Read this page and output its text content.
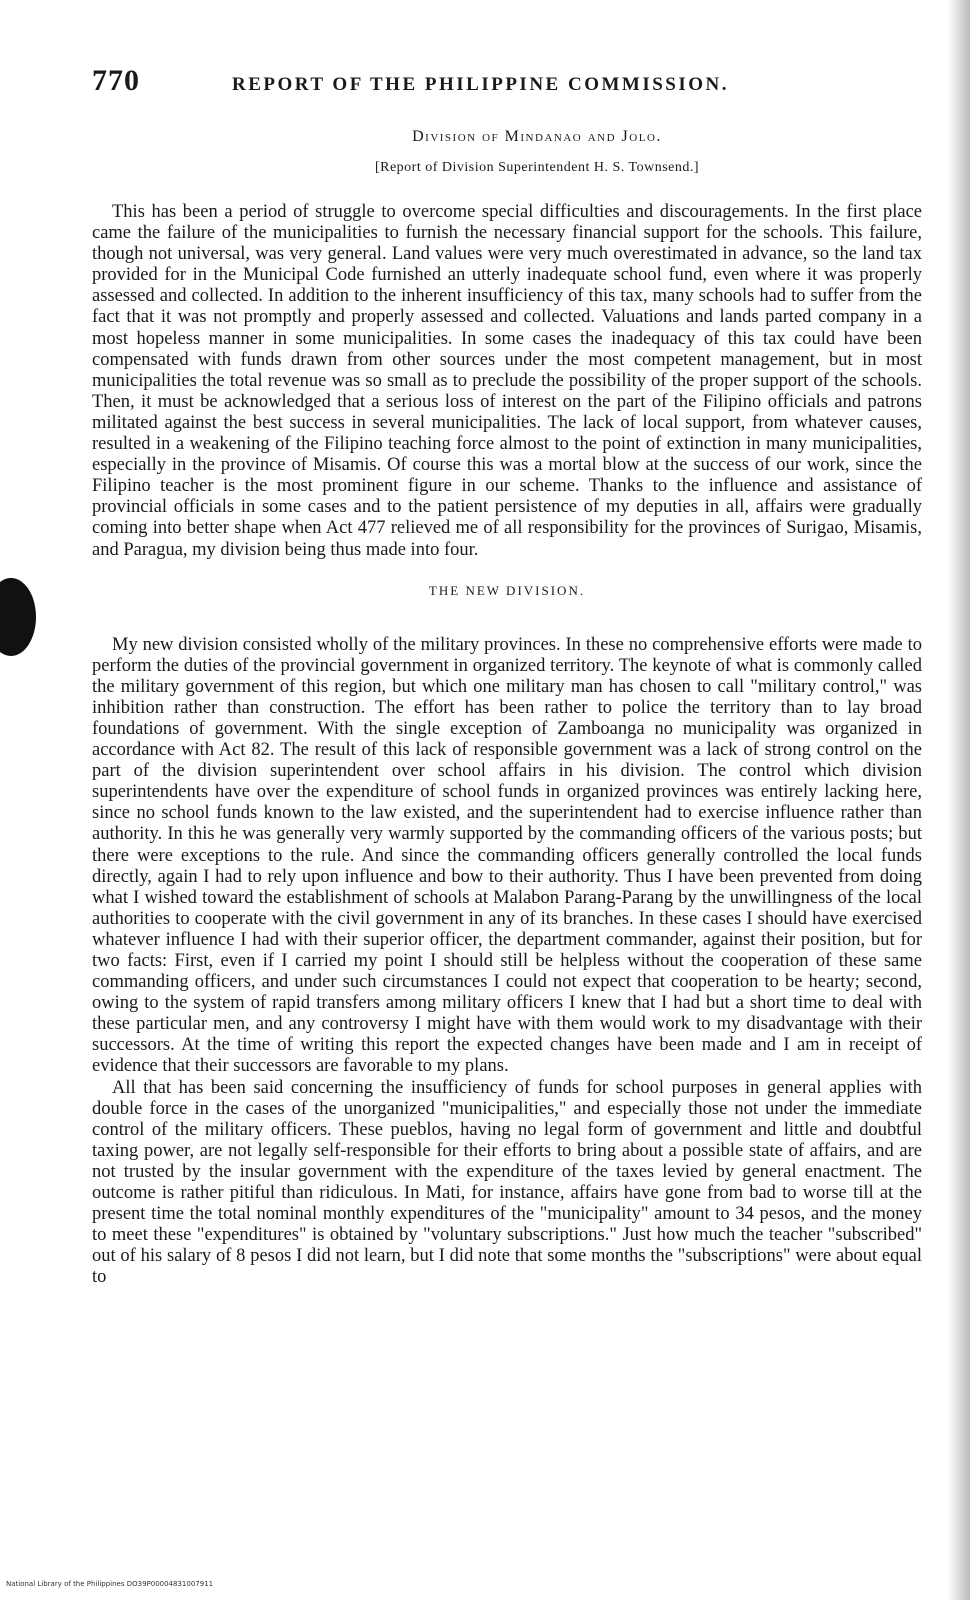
770	REPORT OF THE PHILIPPINE COMMISSION.
Division of Mindanao and Jolo.
[Report of Division Superintendent H. S. Townsend.]

This has been a period of struggle to overcome special difficulties and discouragements. In the first place came the failure of the municipalities to furnish the necessary financial support for the schools. This failure, though not universal, was very general. Land values were very much overestimated in advance, so the land tax provided for in the Municipal Code furnished an utterly inadequate school fund, even where it was properly assessed and collected. In addition to the inherent insufficiency of this tax, many schools had to suffer from the fact that it was not promptly and properly assessed and collected. Valuations and lands parted company in a most hopeless manner in some municipalities. In some cases the inadequacy of this tax could have been compensated with funds drawn from other sources under the most competent management, but in most municipalities the total revenue was so small as to preclude the possibility of the proper support of the schools. Then, it must be acknowledged that a serious loss of interest on the part of the Filipino officials and patrons militated against the best success in several municipalities. The lack of local support, from whatever causes, resulted in a weakening of the Filipino teaching force almost to the point of extinction in many municipalities, especially in the province of Misamis. Of course this was a mortal blow at the success of our work, since the Filipino teacher is the most prominent figure in our scheme. Thanks to the influence and assistance of provincial officials in some cases and to the patient persistence of my deputies in all, affairs were gradually coming into better shape when Act 477 relieved me of all responsibility for the provinces of Surigao, Misamis, and Paragua, my division being thus made into four.

THE NEW DIVISION.

My new division consisted wholly of the military provinces. In these no comprehensive efforts were made to perform the duties of the provincial government in organized territory. The keynote of what is commonly called the military government of this region, but which one military man has chosen to call "military control," was inhibition rather than construction. The effort has been rather to police the territory than to lay broad foundations of government. With the single exception of Zamboanga no municipality was organized in accordance with Act 82. The result of this lack of responsible government was a lack of strong control on the part of the division superintendent over school affairs in his division. The control which division superintendents have over the expenditure of school funds in organized provinces was entirely lacking here, since no school funds known to the law existed, and the superintendent had to exercise influence rather than authority. In this he was generally very warmly supported by the commanding officers of the various posts; but there were exceptions to the rule. And since the commanding officers generally controlled the local funds directly, again I had to rely upon influence and bow to their authority. Thus I have been prevented from doing what I wished toward the establishment of schools at Malabon Parang-Parang by the unwillingness of the local authorities to cooperate with the civil government in any of its branches. In these cases I should have exercised whatever influence I had with their superior officer, the department commander, against their position, but for two facts: First, even if I carried my point I should still be helpless without the cooperation of these same commanding officers, and under such circumstances I could not expect that cooperation to be hearty; second, owing to the system of rapid transfers among military officers I knew that I had but a short time to deal with these particular men, and any controversy I might have with them would work to my disadvantage with their successors. At the time of writing this report the expected changes have been made and I am in receipt of evidence that their successors are favorable to my plans.

All that has been said concerning the insufficiency of funds for school purposes in general applies with double force in the cases of the unorganized "municipalities," and especially those not under the immediate control of the military officers. These pueblos, having no legal form of government and little and doubtful taxing power, are not legally self-responsible for their efforts to bring about a possible state of affairs, and are not trusted by the insular government with the expenditure of the taxes levied by general enactment. The outcome is rather pitiful than ridiculous. In Mati, for instance, affairs have gone from bad to worse till at the present time the total nominal monthly expenditures of the "municipality" amount to 34 pesos, and the money to meet these "expenditures" is obtained by "voluntary subscriptions." Just how much the teacher "subscribed" out of his salary of 8 pesos I did not learn, but I did note that some months the "subscriptions" were about equal to

National Library of the Philippines DO39P00004831007911
